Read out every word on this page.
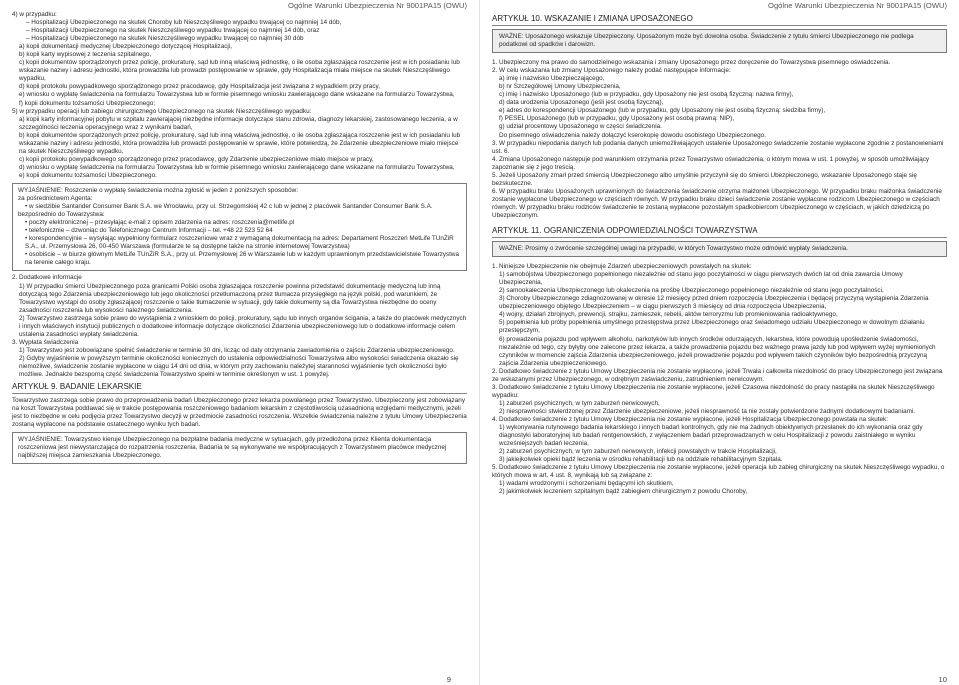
Ogólne Warunki Ubezpieczenia Nr 9001PA15 (OWU)

4) w przypadku:

– Hospitalizacji Ubezpieczonego na skutek Choroby lub Nieszczęśliwego wypadku trwającej co najmniej 14 dób,

– Hospitalizacji Ubezpieczonego na skutek Nieszczęśliwego wypadku trwającej co najmniej 14 dób, oraz

– Hospitalizacji Ubezpieczonego na skutek Nieszczęśliwego wypadku trwającej co najmniej 30 dób

a) kopii dokumentacji medycznej Ubezpieczonego dotyczącej Hospitalizacji,

b) kopii karty wypisowej z leczenia szpitalnego,

c) kopii dokumentów sporządzonych przez policję, prokuraturę, sąd lub inną właściwą jednostkę, o ile osoba zgłaszająca roszczenie jest w ich posiadaniu lub wskazanie nazwy i adresu jednostki, która prowadziła lub prowadzi postępowanie w sprawie, gdy Hospitalizacja miała miejsce na skutek Nieszczęśliwego wypadku,

d) kopii protokołu powypadkowego sporządzonego przez pracodawcę, gdy Hospitalizacja jest związana z wypadkiem przy pracy,

e) wniosku o wypłatę świadczenia na formularzu Towarzystwa lub w formie pisemnego wniosku zawierającego dane wskazane na formularzu Towarzystwa,

f) kopii dokumentu tożsamości Ubezpieczonego;

5) w przypadku operacji lub zabiegu chirurgicznego Ubezpieczonego na skutek Nieszczęśliwego wypadku:

a) kopii karty informacyjnej pobytu w szpitalu zawierającej niezbędne informacje dotyczące stanu zdrowia, diagnozy lekarskiej, zastosowanego leczenia, a w szczególności leczenia operacyjnego wraz z wynikami badań,

b) kopii dokumentów sporządzonych przez policję, prokuraturę, sąd lub inną właściwą jednostkę, o ile osoba zgłaszająca roszczenie jest w ich posiadaniu lub wskazanie nazwy i adresu jednostki, która prowadziła lub prowadzi postępowanie w sprawie, które potwierdzą, że Zdarzenie ubezpieczeniowe miało miejsce na skutek Nieszczęśliwego wypadku,

c) kopii protokołu powypadkowego sporządzonego przez pracodawcę, gdy Zdarzenie ubezpieczeniowe miało miejsce w pracy,

d) wniosku o wypłatę świadczenia na formularzu Towarzystwa lub w formie pisemnego wniosku zawierającego dane wskazane na formularzu Towarzystwa,

e) kopii dokumentu tożsamości Ubezpieczonego.

WYJAŚNIENIE: Roszczenie o wypłatę świadczenia można zgłosić w jeden z poniższych sposobów:

za pośrednictwem Agenta:

• w siedzibie Santander Consumer Bank S.A. we Wrocławiu, przy ul. Strzegomskiej 42 c lub w jednej z placówek Santander Consumer Bank S.A.

bezpośrednio do Towarzystwa:

• poczty elektronicznej – przesyłając e-mail z opisem zdarzenia na adres: roszczenia@metlife.pl

• telefonicznie – dzwoniąc do Telefonicznego Centrum Informacji – tel. +48 22 523 52 64

• korespondencyjnie – wysyłając wypełniony formularz roszczeniowe wraz z wymaganą dokumentacją na adres: Departament Roszczeń MetLife TUnŻiR S.A., ul. Przemysłowa 26, 00-450 Warszawa (formularze te są dostępne także na stronie internetowej Towarzystwa)

• osobiście – w biurze głównym MetLife TUnŻiR S.A., przy ul. Przemysłowej 26 w Warszawie lub w każdym uprawnionym przedstawicielstwie Towarzystwa na terenie całego kraju.

2. Dodatkowe informacje

1) W przypadku śmierci Ubezpieczonego poza granicami Polski osoba zgłaszająca roszczenie powinna przedstawić dokumentację medyczną lub inną dotyczącą tego Zdarzenia ubezpieczeniowego lub jego okoliczności przetłumaczoną przez tłumacza przysięgłego na język polski, pod warunkiem, że Towarzystwo wystąpi do osoby zgłaszającej roszczenie o takie tłumaczenie w sytuacji, gdy takie dokumenty są dla Towarzystwa niezbędne do oceny zasadności roszczenia lub wysokości należnego świadczenia.

2) Towarzystwo zastrzega sobie prawo do wystąpienia z wnioskiem do policji, prokuratury, sądu lub innych organów ścigania, a także do placówek medycznych i innych właściwych instytucji publicznych o dodatkowe informacje dotyczące okoliczności Zdarzenia ubezpieczeniowego lub o dodatkowe informacje celem ustalenia zasadności wypłaty świadczenia.

3. Wypłata świadczenia

1) Towarzystwo jest zobowiązane spełnić świadczenie w terminie 30 dni, licząc od daty otrzymania zawiadomienia o zajściu Zdarzenia ubezpieczeniowego.

2) Gdyby wyjaśnienie w powyższym terminie okoliczności koniecznych do ustalenia odpowiedzialności Towarzystwa albo wysokości świadczenia okazało się niemożliwe, świadczenie zostanie wypłacone w ciągu 14 dni od dnia, w którym przy zachowaniu należytej staranności wyjaśnienie tych okoliczności było możliwe. Jednakże bezsporną część świadczenia Towarzystwo spełni w terminie określonym w ust. 1 powyżej.

ARTYKUŁ 9. BADANIE LEKARSKIE

Towarzystwo zastrzega sobie prawo do przeprowadzenia badań Ubezpieczonego przez lekarza powołanego przez Towarzystwo. Ubezpieczony jest zobowiązany na koszt Towarzystwa poddawać się w trakcie postępowania roszczeniowego badaniom lekarskim z częstotliwością uzasadnioną względami medycznymi, jeżeli jest to niezbędne w celu podjęcia przez Towarzystwo decyzji w przedmiocie zasadności roszczenia. Wszelkie świadczenia należne z tytułu Umowy Ubezpieczenia zostaną wypłacone na podstawie ostatecznego wyniku tych badań.

WYJAŚNIENIE: Towarzystwo kieruje Ubezpieczonego na bezpłatne badania medyczne w sytuacjach, gdy przedłożona przez Klienta dokumentacja roszczeniowa jest niewystarczająca do rozpatrzenia roszczenia. Badania te są wykonywane we współpracujących z Towarzystwem placówce medycznej najbliższej miejsca zamieszkania Ubezpieczonego.

9
Ogólne Warunki Ubezpieczenia Nr 9001PA15 (OWU)
ARTYKUŁ 10. WSKAZANIE I ZMIANA UPOSAŻONEGO

WAŻNE: Uposażonego wskazuje Ubezpieczony. Uposażonym może być dowolna osoba. Świadczenie z tytułu śmierci Ubezpieczonego nie podlega podatkowi od spadków i darowizn.

1. Ubezpieczony ma prawo do samodzielnego wskazania i zmiany Uposażonego przez doręczenie do Towarzystwa pisemnego oświadczenia.

2. W celu wskazania lub zmiany Uposażonego należy podać następujące informacje:

a) imię i nazwisko Ubezpieczającego,

b) nr Szczegółowej Umowy Ubezpieczenia,

c) imię i nazwisko Uposażonego (lub w przypadku, gdy Uposażony nie jest osobą fizyczną: nazwa firmy),

d) data urodzenia Uposażonego (jeśli jest osobą fizyczną),

e) adres do korespondencji Uposażonego (lub w przypadku, gdy Uposażony nie jest osobą fizyczną: siedziba firmy),

f) PESEL Uposażonego (lub w przypadku, gdy Uposażony jest osobą prawną: NIP),

g) udział procentowy Uposażonego w części świadczenia.

Do pisemnego oświadczenia należy dołączyć kserokopię dowodu osobistego Ubezpieczonego.

3. W przypadku niepodania danych lub podania danych uniemożliwiających ustalenie Uposażonego świadczenie zostanie wypłacone zgodnie z postanowieniami ust. 6.

4. Zmiana Uposażonego następuje pod warunkiem otrzymania przez Towarzystwo oświadczenia, o którym mowa w ust. 1 powyżej, w sposób umożliwiający zapoznanie się z jego treścią.

5. Jeżeli Uposażony zmarł przed śmiercią Ubezpieczonego albo umyślnie przyczynił się do śmierci Ubezpieczonego, wskazanie Uposażonego staje się bezskuteczne.

6. W przypadku braku Uposażonych uprawnionych do świadczenia świadczenie otrzyma małżonek Ubezpieczonego. W przypadku braku małżonka świadczenie zostanie wypłacone Ubezpieczonego w częściach równych. W przypadku braku dzieci świadczenie zostanie wypłacone rodzicom Ubezpieczonego w częściach równych. W przypadku braku rodziców świadczenie te zostaną wypłacone pozostałym spadkobiercom Ubezpieczonego w częściach, w jakich dziedziczą po Ubezpieczonym.

ARTYKUŁ 11. OGRANICZENIA ODPOWIEDZIALNOŚCI TOWARZYSTWA

WAŻNE: Prosimy o zwrócenie szczególnej uwagi na przypadki, w których Towarzystwo może odmówić wypłaty świadczenia.

1. Niniejsze Ubezpieczenie nie obejmuje Zdarzeń ubezpieczeniowych powstałych na skutek:

1) samobójstwa Ubezpieczonego popełnionego niezależnie od stanu jego poczytalności w ciągu pierwszych dwóch lat od dnia zawarcia Umowy Ubezpieczenia,

2) samookaleczenia Ubezpieczonego lub okaleczenia na prośbę Ubezpieczonego popełnionego niezależnie od stanu jego poczytalności,

3) Choroby Ubezpieczonego zdiagnozowanej w okresie 12 miesięcy przed dniem rozpoczęcia Ubezpieczenia i będącej przyczyną wystąpienia Zdarzenia ubezpieczeniowego objętego Ubezpieczeniem – w ciągu pierwszych 3 miesięcy od dnia rozpoczęcia Ubezpieczenia,

4) wojny, działań zbrojnych, prewencji, strajku, zamieszek, rebelii, aktów terroryzmu lub promieniowania radioaktywnego,

5) popełnienia lub próby popełnienia umyślnego przestępstwa przez Ubezpieczonego oraz świadomego udziału Ubezpieczonego w dowolnym działaniu przestępczym,

6) prowadzenia pojazdu pod wpływem alkoholu, narkotyków lub innych środków odurzających, lekarstwa, które powodują upośledzenie świadomości, niezależnie od tego, czy byłyby one zalecone przez lekarza, a także prowadzenia pojazdu bez ważnego prawa jazdy lub pod wpływem wyżej wymienionych czynników w momencie zajścia Zdarzenia ubezpieczeniowego, jeżeli prowadzenie pojazdu pod wpływem takich czynników było bezpośrednią przyczyną zajścia Zdarzenia ubezpieczeniowego.

2. Dodatkowo świadczenie z tytułu Umowy Ubezpieczenia nie zostanie wypłacone, jeżeli Trwała i całkowita niezdolność do pracy Ubezpieczonego jest związana ze wskazanymi przez Ubezpieczonego, w odrębnym zaświadczeniu, zatrudnieniem nerwicowym.

3. Dodatkowo świadczenie z tytułu Umowy Ubezpieczenia nie zostanie wypłacone, jeżeli Czasowa niezdolność do pracy nastąpiła na skutek Nieszczęśliwego wypadku:

1) zaburzeń psychicznych, w tym zaburzeń nerwicowych,

2) niesprawności stwierdzonej przez Zdarzenie ubezpieczeniowe, jeżeli niesprawność ta nie zostały potwierdzone żadnymi dodatkowymi badaniami.

4. Dodatkowo świadczenie z tytułu Umowy Ubezpieczenia nie zostanie wypłacone, jeżeli Hospitalizacja Ubezpieczonego powstała na skutek:

1) wykonywania rutynowego badania lekarskiego i innych badań kontrolnych, gdy nie ma żadnych obiektywnych przesłanek do ich wykonania oraz gdy diagnostyki laboratoryjnej lub badań rentgenowskich, z wyłączeniem badań przeprowadzanych w celu Hospitalizacji z powodu zaistniałego w wyniku wcześniejszych badań leczenia,

2) zaburzeń psychicznych, w tym zaburzeń nerwowych, infekcji powstałych w trakcie Hospitalizacji,

3) jakiejkolwiek opieki bądź leczenia w ośrodku rehabilitacji lub na oddziale rehabilitacyjnym Szpitala.

5. Dodatkowo świadczenie z tytułu Umowy Ubezpieczenia nie zostanie wypłacone, jeżeli operacja lub zabieg chirurgiczny na skutek Nieszczęśliwego wypadku, o których mowa w art. 4 ust. 8, wynikają lub są związane z:

1) wadami wrodzonymi i schorzeniami będącymi ich skutkiem,

2) jakimkolwiek leczeniem szpitalnym bądź zabiegiem chirurgicznym z powodu Choroby,

10
